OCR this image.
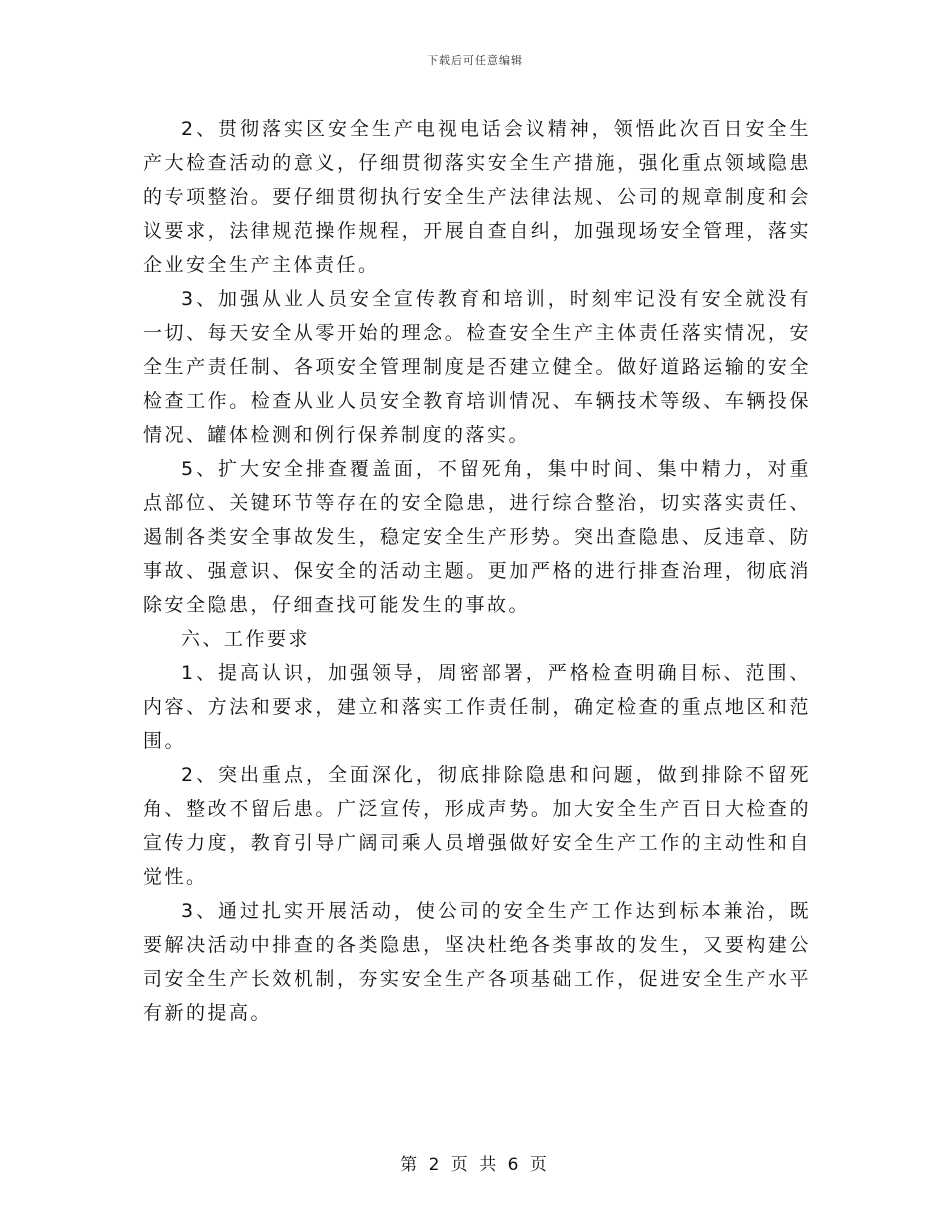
下载后可任意编辑

2、贯彻落实区安全生产电视电话会议精神，领悟此次百日安全生产大检查活动的意义，仔细贯彻落实安全生产措施，强化重点领域隐患的专项整治。要仔细贯彻执行安全生产法律法规、公司的规章制度和会议要求，法律规范操作规程，开展自查自纠，加强现场安全管理，落实企业安全生产主体责任。

3、加强从业人员安全宣传教育和培训，时刻牢记没有安全就没有一切、每天安全从零开始的理念。检查安全生产主体责任落实情况，安全生产责任制、各项安全管理制度是否建立健全。做好道路运输的安全检查工作。检查从业人员安全教育培训情况、车辆技术等级、车辆投保情况、罐体检测和例行保养制度的落实。

5、扩大安全排查覆盖面，不留死角，集中时间、集中精力，对重点部位、关键环节等存在的安全隐患，进行综合整治，切实落实责任、遏制各类安全事故发生，稳定安全生产形势。突出查隐患、反违章、防事故、强意识、保安全的活动主题。更加严格的进行排查治理，彻底消除安全隐患，仔细查找可能发生的事故。

六、工作要求

1、提高认识，加强领导，周密部署，严格检查明确目标、范围、内容、方法和要求，建立和落实工作责任制，确定检查的重点地区和范围。

2、突出重点，全面深化，彻底排除隐患和问题，做到排除不留死角、整改不留后患。广泛宣传，形成声势。加大安全生产百日大检查的宣传力度，教育引导广阔司乘人员增强做好安全生产工作的主动性和自觉性。

3、通过扎实开展活动，使公司的安全生产工作达到标本兼治，既要解决活动中排查的各类隐患，坚决杜绝各类事故的发生，又要构建公司安全生产长效机制，夯实安全生产各项基础工作，促进安全生产水平有新的提高。

第 2 页 共 6 页
